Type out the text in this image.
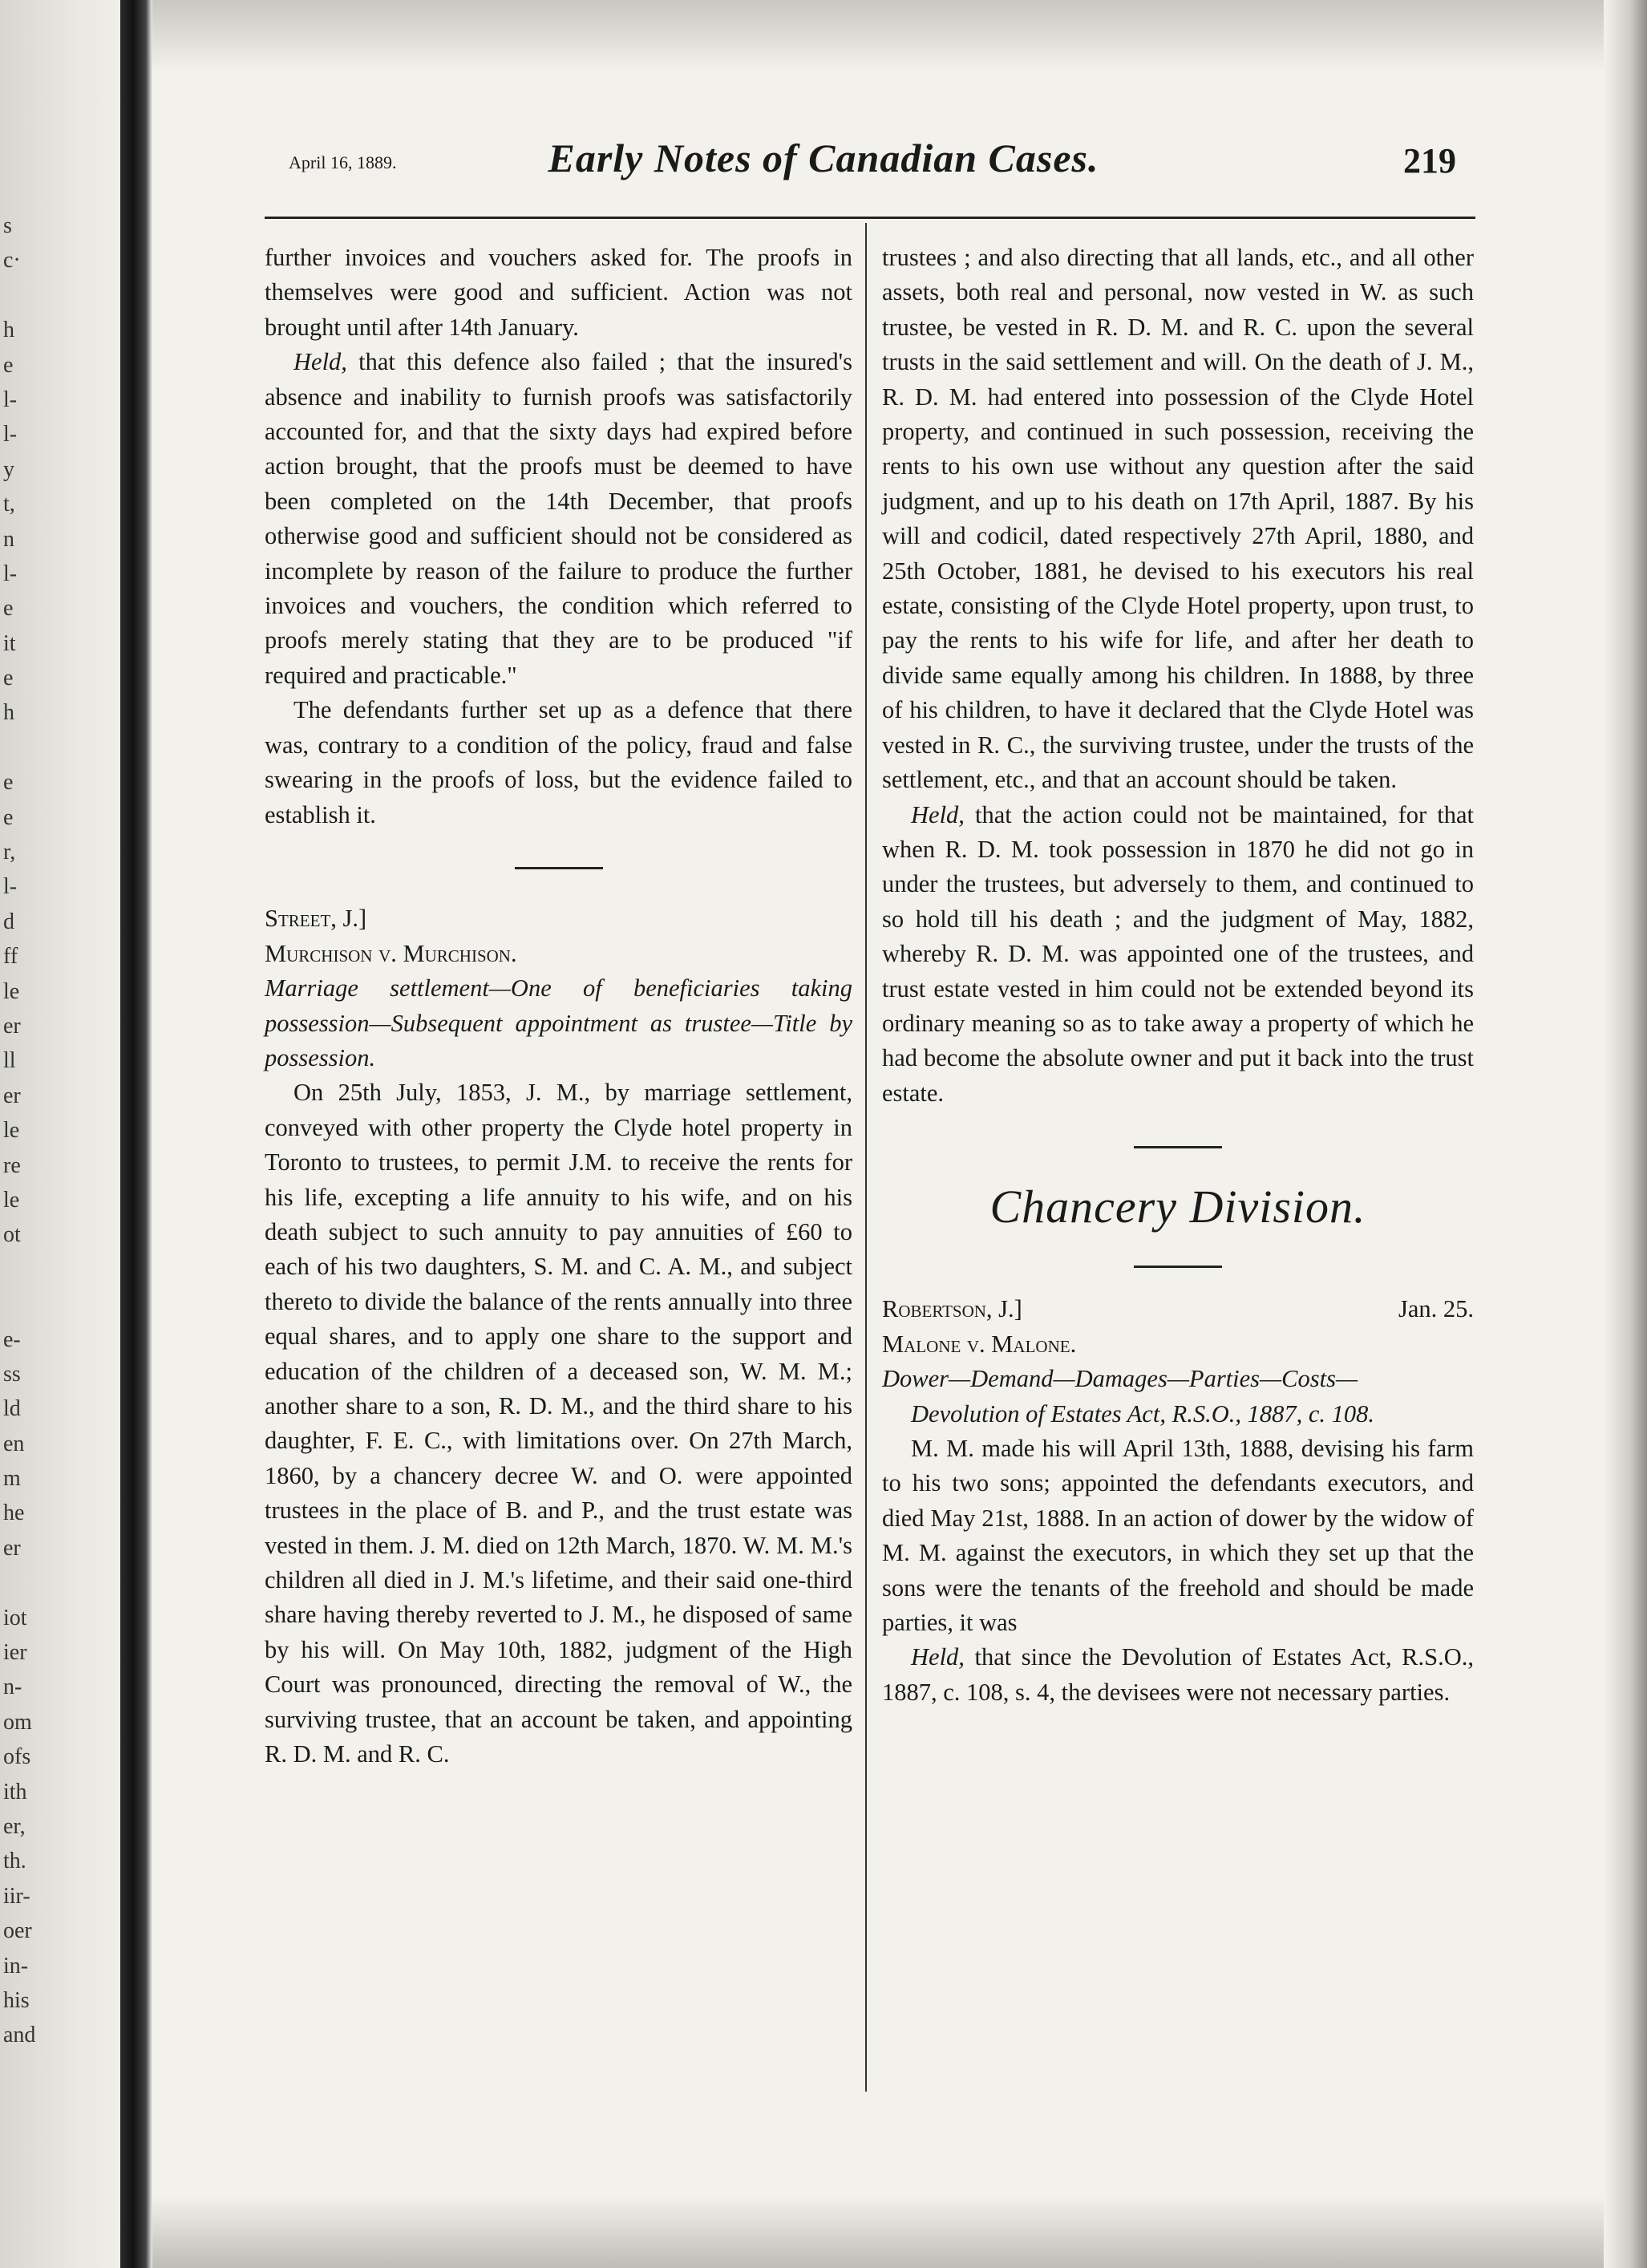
s
c·
h
e
l-
l-
y
t,
n
l-
e
it
e
h
e
e
r,
l-
d
ff
le
er
ll
er
le
re
le
ot
e-
ss
ld
en
m
he
er
iot
ier
n-
om
ofs
ith
er,
th.
iir-
oer
in-
his
and
April 16, 1889.	Early Notes of Canadian Cases.	219

further invoices and vouchers asked for. The proofs in themselves were good and sufficient. Action was not brought until after 14th January.

Held, that this defence also failed ; that the insured's absence and inability to furnish proofs was satisfactorily accounted for, and that the sixty days had expired before action brought, that the proofs must be deemed to have been completed on the 14th December, that proofs otherwise good and sufficient should not be considered as incomplete by reason of the failure to produce the further invoices and vouchers, the condition which referred to proofs merely stating that they are to be produced "if required and practicable."

The defendants further set up as a defence that there was, contrary to a condition of the policy, fraud and false swearing in the proofs of loss, but the evidence failed to establish it.

Street, J.]

Murchison v. Murchison.

Marriage settlement—One of beneficiaries taking possession—Subsequent appointment as trustee—Title by possession.

On 25th July, 1853, J. M., by marriage settlement, conveyed with other property the Clyde hotel property in Toronto to trustees, to permit J.M. to receive the rents for his life, excepting a life annuity to his wife, and on his death subject to such annuity to pay annuities of £60 to each of his two daughters, S. M. and C. A. M., and subject thereto to divide the balance of the rents annually into three equal shares, and to apply one share to the support and education of the children of a deceased son, W. M. M.; another share to a son, R. D. M., and the third share to his daughter, F. E. C., with limitations over. On 27th March, 1860, by a chancery decree W. and O. were appointed trustees in the place of B. and P., and the trust estate was vested in them. J. M. died on 12th March, 1870. W. M. M.'s children all died in J. M.'s lifetime, and their said one-third share having thereby reverted to J. M., he disposed of same by his will. On May 10th, 1882, judgment of the High Court was pronounced, directing the removal of W., the surviving trustee, that an account be taken, and appointing R. D. M. and R. C.

trustees ; and also directing that all lands, etc., and all other assets, both real and personal, now vested in W. as such trustee, be vested in R. D. M. and R. C. upon the several trusts in the said settlement and will. On the death of J. M., R. D. M. had entered into possession of the Clyde Hotel property, and continued in such possession, receiving the rents to his own use without any question after the said judgment, and up to his death on 17th April, 1887. By his will and codicil, dated respectively 27th April, 1880, and 25th October, 1881, he devised to his executors his real estate, consisting of the Clyde Hotel property, upon trust, to pay the rents to his wife for life, and after her death to divide same equally among his children. In 1888, by three of his children, to have it declared that the Clyde Hotel was vested in R. C., the surviving trustee, under the trusts of the settlement, etc., and that an account should be taken.

Held, that the action could not be maintained, for that when R. D. M. took possession in 1870 he did not go in under the trustees, but adversely to them, and continued to so hold till his death ; and the judgment of May, 1882, whereby R. D. M. was appointed one of the trustees, and trust estate vested in him could not be extended beyond its ordinary meaning so as to take away a property of which he had become the absolute owner and put it back into the trust estate.

Chancery Division.
Robertson, J.]	Jan. 25.

Malone v. Malone.

Dower—Demand—Damages—Parties—Costs—

Devolution of Estates Act, R.S.O., 1887, c. 108.

M. M. made his will April 13th, 1888, devising his farm to his two sons; appointed the defendants executors, and died May 21st, 1888. In an action of dower by the widow of M. M. against the executors, in which they set up that the sons were the tenants of the freehold and should be made parties, it was

Held, that since the Devolution of Estates Act, R.S.O., 1887, c. 108, s. 4, the devisees were not necessary parties.
